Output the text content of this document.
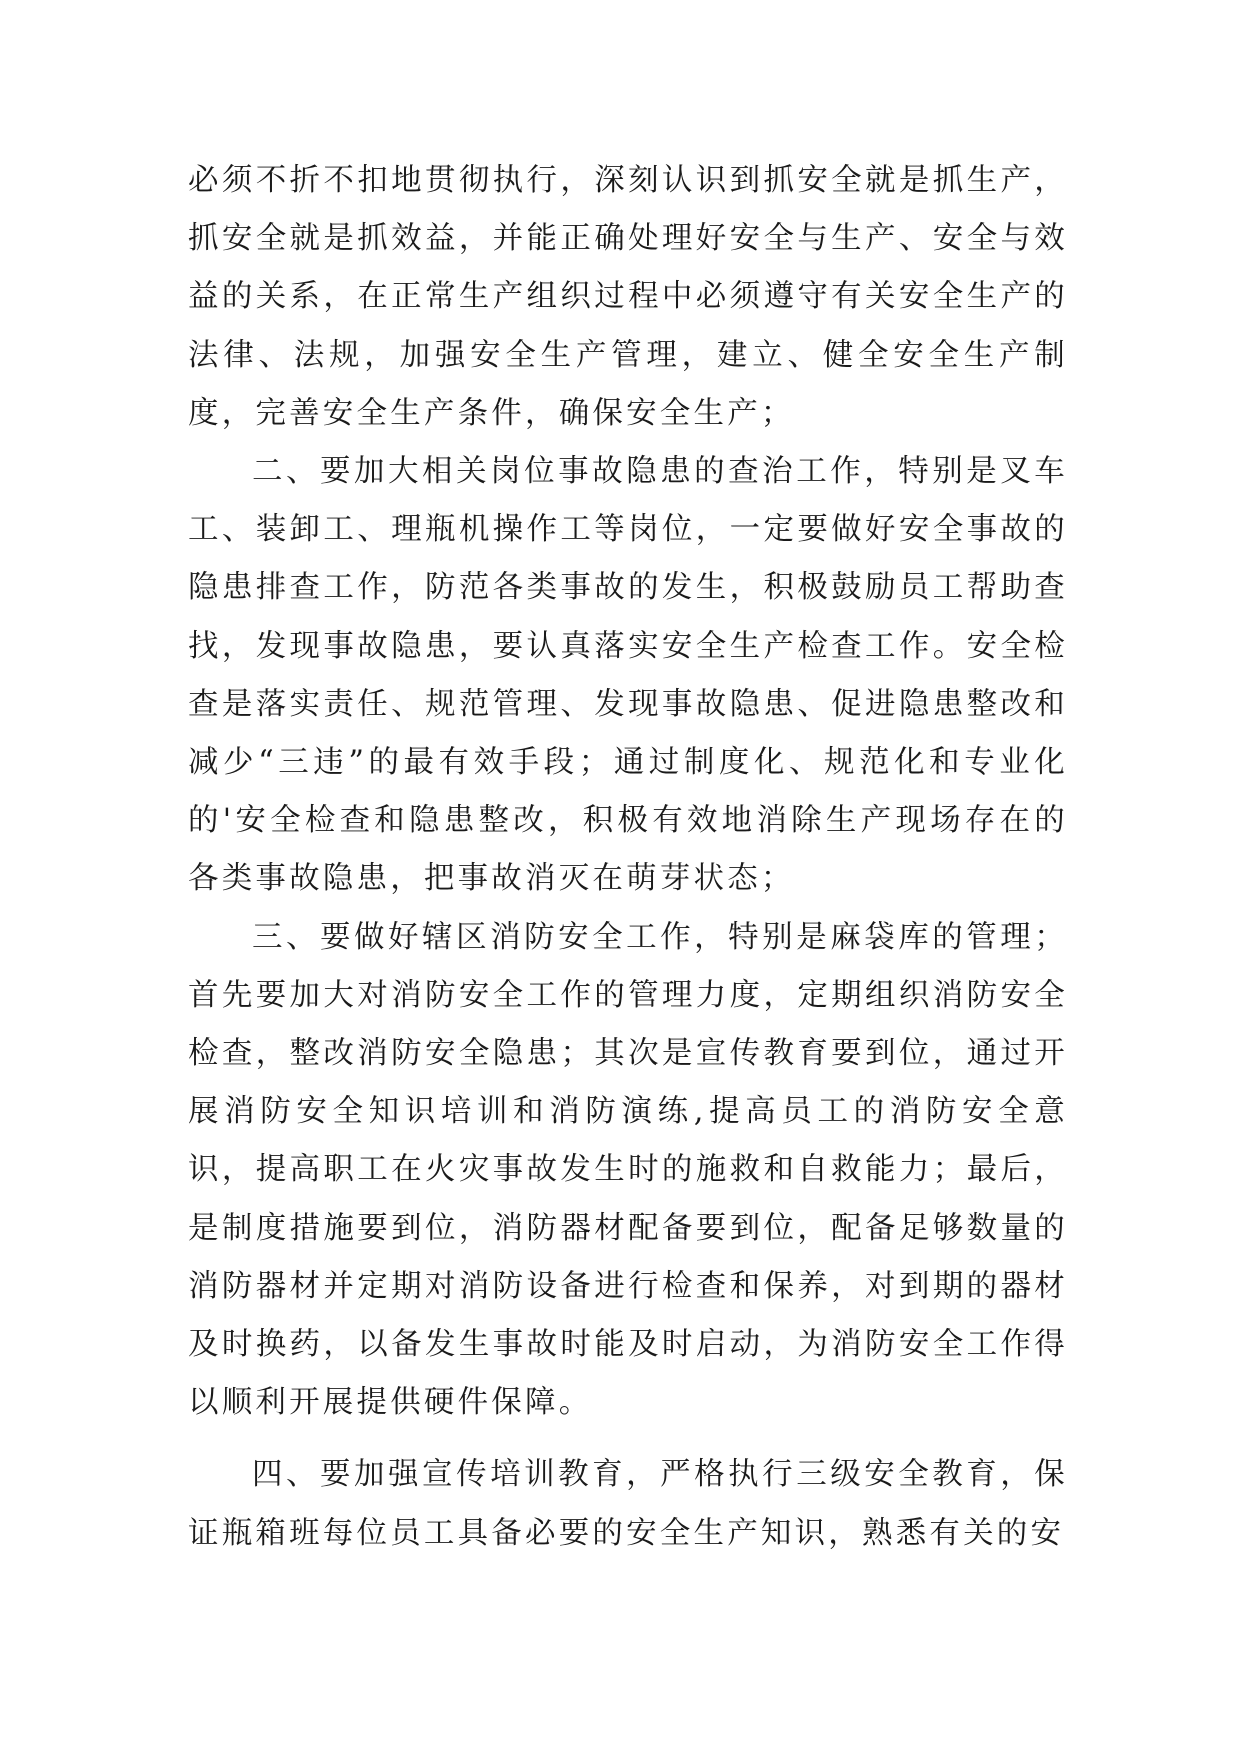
必须不折不扣地贯彻执行，深刻认识到抓安全就是抓生产，抓安全就是抓效益，并能正确处理好安全与生产、安全与效益的关系，在正常生产组织过程中必须遵守有关安全生产的法律、法规，加强安全生产管理，建立、健全安全生产制度，完善安全生产条件，确保安全生产；

二、要加大相关岗位事故隐患的查治工作，特别是叉车工、装卸工、理瓶机操作工等岗位，一定要做好安全事故的隐患排查工作，防范各类事故的发生，积极鼓励员工帮助查找，发现事故隐患，要认真落实安全生产检查工作。安全检查是落实责任、规范管理、发现事故隐患、促进隐患整改和减少“三违”的最有效手段；通过制度化、规范化和专业化的'安全检查和隐患整改，积极有效地消除生产现场存在的各类事故隐患，把事故消灭在萌芽状态；

三、要做好辖区消防安全工作，特别是麻袋库的管理；首先要加大对消防安全工作的管理力度，定期组织消防安全检查，整改消防安全隐患；其次是宣传教育要到位，通过开展消防安全知识培训和消防演练,提高员工的消防安全意识，提高职工在火灾事故发生时的施救和自救能力；最后，是制度措施要到位，消防器材配备要到位，配备足够数量的消防器材并定期对消防设备进行检查和保养，对到期的器材及时换药，以备发生事故时能及时启动，为消防安全工作得以顺利开展提供硬件保障。

四、要加强宣传培训教育，严格执行三级安全教育，保证瓶箱班每位员工具备必要的安全生产知识，熟悉有关的安
